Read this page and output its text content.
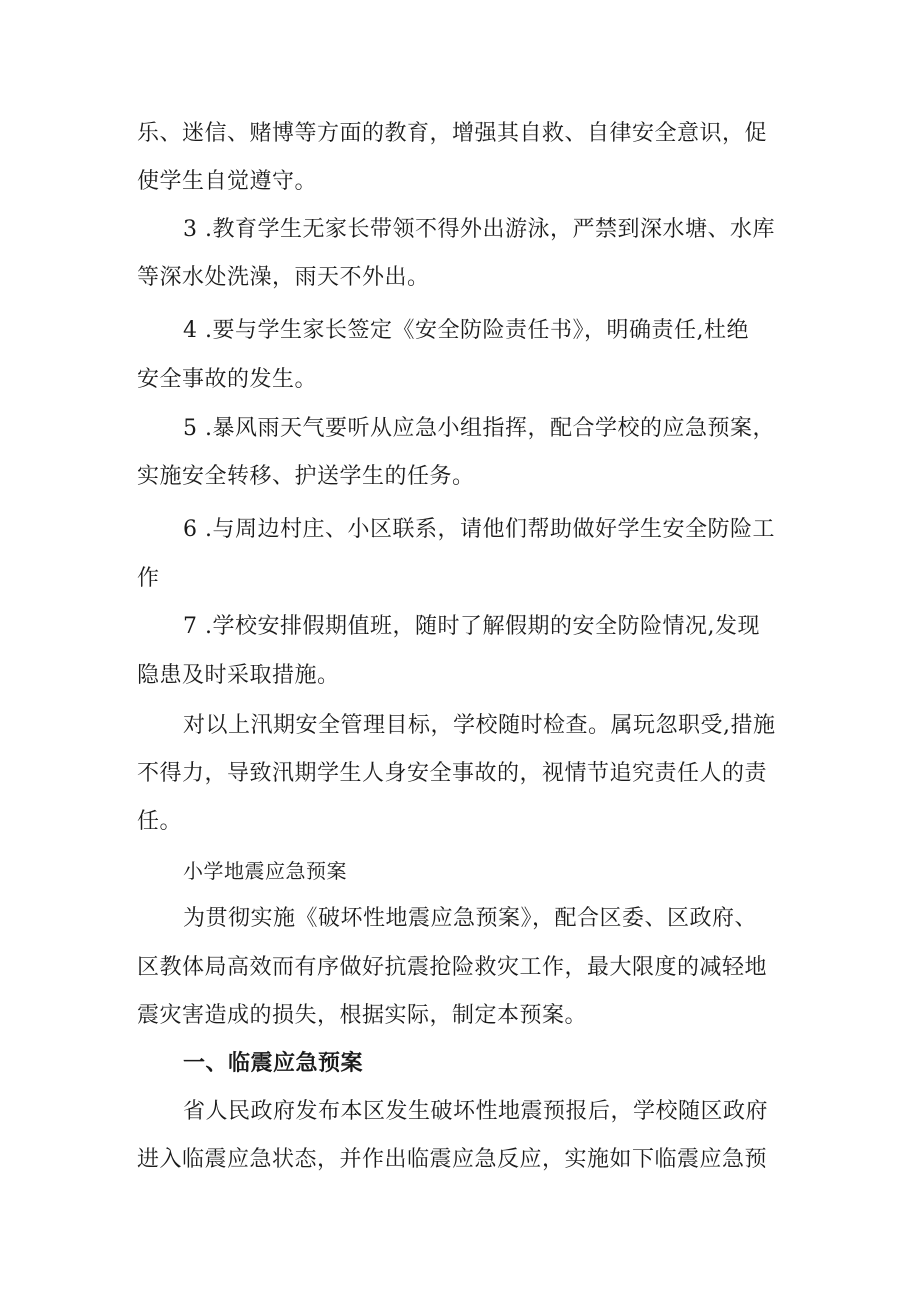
乐、迷信、赌博等方面的教育，增强其自救、自律安全意识，促
使学生自觉遵守。
3 .教育学生无家长带领不得外出游泳，严禁到深水塘、水库
等深水处洗澡，雨天不外出。
4 .要与学生家长签定《安全防险责任书》，明确责任,杜绝
安全事故的发生。
5 .暴风雨天气要听从应急小组指挥，配合学校的应急预案，
实施安全转移、护送学生的任务。
6 .与周边村庄、小区联系，请他们帮助做好学生安全防险工
作
7 .学校安排假期值班，随时了解假期的安全防险情况,发现
隐患及时采取措施。
对以上汛期安全管理目标，学校随时检查。属玩忽职受,措施
不得力，导致汛期学生人身安全事故的，视情节追究责任人的责
任。
小学地震应急预案
为贯彻实施《破坏性地震应急预案》，配合区委、区政府、
区教体局高效而有序做好抗震抢险救灾工作，最大限度的减轻地
震灾害造成的损失，根据实际，制定本预案。
一、临震应急预案
省人民政府发布本区发生破坏性地震预报后，学校随区政府
进入临震应急状态，并作出临震应急反应，实施如下临震应急预
